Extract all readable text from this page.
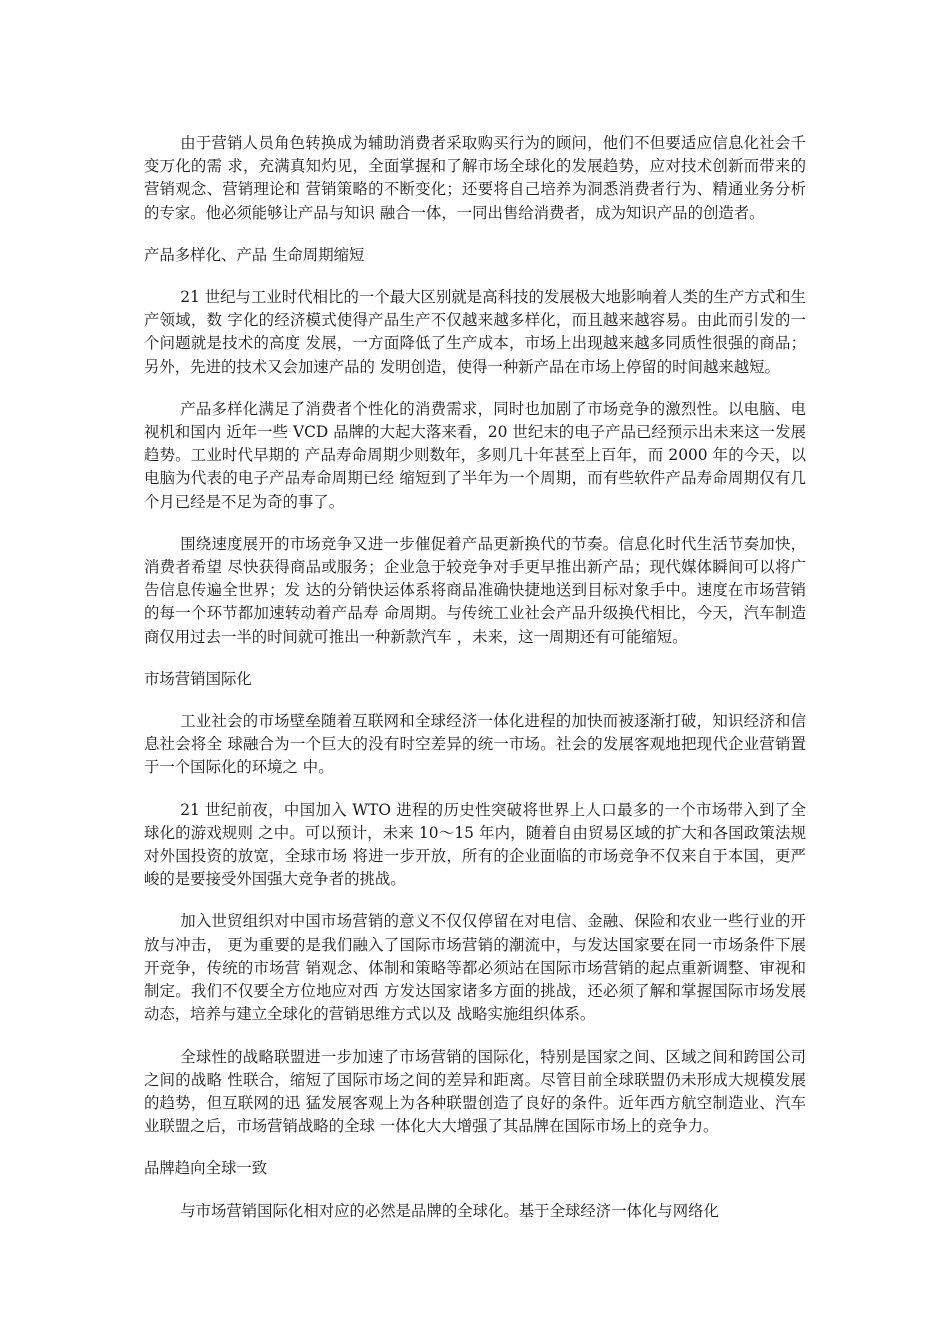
由于营销人员角色转换成为辅助消费者采取购买行为的顾问，他们不但要适应信息化社会千变万化的需 求，充满真知灼见，全面掌握和了解市场全球化的发展趋势，应对技术创新而带来的营销观念、营销理论和 营销策略的不断变化；还要将自己培养为洞悉消费者行为、精通业务分析的专家。他必须能够让产品与知识 融合一体，一同出售给消费者，成为知识产品的创造者。

产品多样化、产品 生命周期缩短

21 世纪与工业时代相比的一个最大区别就是高科技的发展极大地影响着人类的生产方式和生产领域，数 字化的经济模式使得产品生产不仅越来越多样化，而且越来越容易。由此而引发的一个问题就是技术的高度 发展，一方面降低了生产成本，市场上出现越来越多同质性很强的商品；另外，先进的技术又会加速产品的 发明创造，使得一种新产品在市场上停留的时间越来越短。

产品多样化满足了消费者个性化的消费需求，同时也加剧了市场竞争的激烈性。以电脑、电视机和国内 近年一些 VCD 品牌的大起大落来看，20 世纪末的电子产品已经预示出未来这一发展趋势。工业时代早期的 产品寿命周期少则数年，多则几十年甚至上百年，而 2000 年的今天，以电脑为代表的电子产品寿命周期已经 缩短到了半年为一个周期，而有些软件产品寿命周期仅有几个月已经是不足为奇的事了。

围绕速度展开的市场竞争又进一步催促着产品更新换代的节奏。信息化时代生活节奏加快，消费者希望 尽快获得商品或服务；企业急于较竞争对手更早推出新产品；现代媒体瞬间可以将广告信息传遍全世界；发 达的分销快运体系将商品准确快捷地送到目标对象手中。速度在市场营销的每一个环节都加速转动着产品寿 命周期。与传统工业社会产品升级换代相比，今天，汽车制造商仅用过去一半的时间就可推出一种新款汽车 ，未来，这一周期还有可能缩短。

市场营销国际化

工业社会的市场壁垒随着互联网和全球经济一体化进程的加快而被逐渐打破，知识经济和信息社会将全 球融合为一个巨大的没有时空差异的统一市场。社会的发展客观地把现代企业营销置于一个国际化的环境之 中。

21 世纪前夜，中国加入 WTO 进程的历史性突破将世界上人口最多的一个市场带入到了全球化的游戏规则 之中。可以预计，未来 10～15 年内，随着自由贸易区域的扩大和各国政策法规对外国投资的放宽，全球市场 将进一步开放，所有的企业面临的市场竞争不仅来自于本国，更严峻的是要接受外国强大竞争者的挑战。

加入世贸组织对中国市场营销的意义不仅仅停留在对电信、金融、保险和农业一些行业的开放与冲击， 更为重要的是我们融入了国际市场营销的潮流中，与发达国家要在同一市场条件下展开竞争，传统的市场营 销观念、体制和策略等都必须站在国际市场营销的起点重新调整、审视和制定。我们不仅要全方位地应对西 方发达国家诸多方面的挑战，还必须了解和掌握国际市场发展动态，培养与建立全球化的营销思维方式以及 战略实施组织体系。

全球性的战略联盟进一步加速了市场营销的国际化，特别是国家之间、区域之间和跨国公司之间的战略 性联合，缩短了国际市场之间的差异和距离。尽管目前全球联盟仍未形成大规模发展的趋势，但互联网的迅 猛发展客观上为各种联盟创造了良好的条件。近年西方航空制造业、汽车业联盟之后，市场营销战略的全球 一体化大大增强了其品牌在国际市场上的竞争力。

品牌趋向全球一致

与市场营销国际化相对应的必然是品牌的全球化。基于全球经济一体化与网络化
